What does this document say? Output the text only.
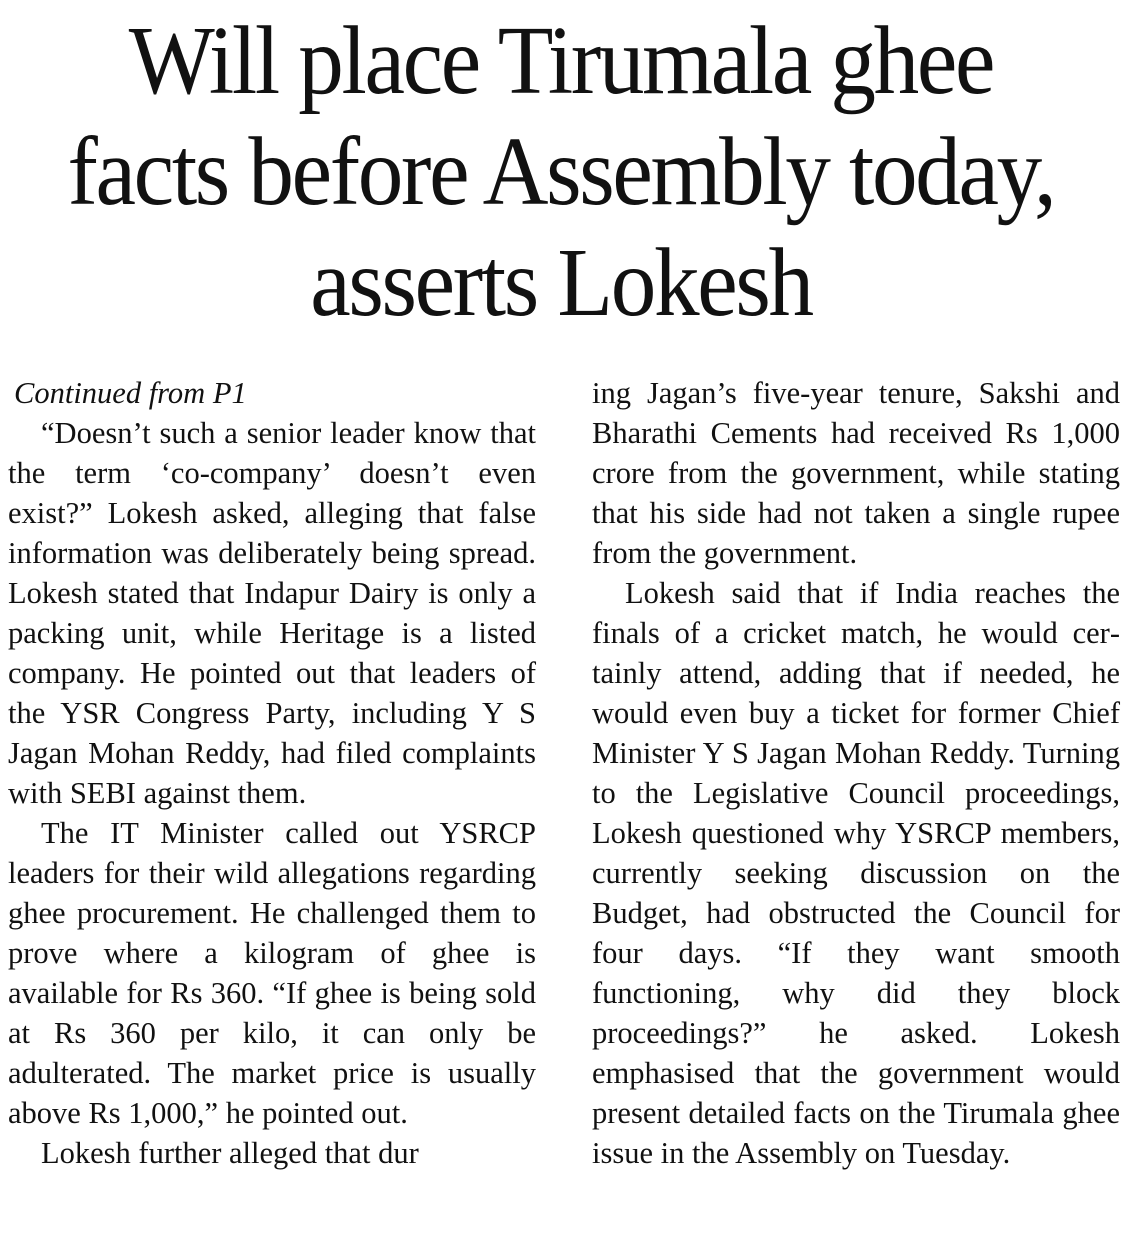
Will place Tirumala ghee
facts before Assembly today,
asserts Lokesh

Continued from P1

“Doesn’t such a senior leader know that the term ‘co-company’ doesn’t even exist?” Lokesh asked, alleging that false information was deliberately being spread. Lokesh stated that Indapur Dairy is only a packing unit, while Heritage is a listed company. He pointed out that leaders of the YSR Congress Party, including Y S Jagan Mohan Reddy, had filed complaints with SEBI against them.

The IT Minister called out YSRCP leaders for their wild allegations regarding ghee procurement. He challenged them to prove where a kilogram of ghee is available for Rs 360. “If ghee is being sold at Rs 360 per kilo, it can only be adulterated. The market price is usually above Rs 1,000,” he pointed out.

Lokesh further alleged that dur

ing Jagan’s five-year tenure, Sakshi and Bharathi Cements had received Rs 1,000 crore from the government, while stating that his side had not taken a single rupee from the government.

Lokesh said that if India reaches the finals of a cricket match, he would certainly attend, adding that if needed, he would even buy a ticket for former Chief Minister Y S Jagan Mohan Reddy. Turning to the Legislative Council proceedings, Lokesh questioned why YSRCP members, currently seeking discussion on the Budget, had obstructed the Council for four days. “If they want smooth functioning, why did they block proceedings?” he asked. Lokesh emphasised that the government would present detailed facts on the Tirumala ghee issue in the Assembly on Tuesday.
